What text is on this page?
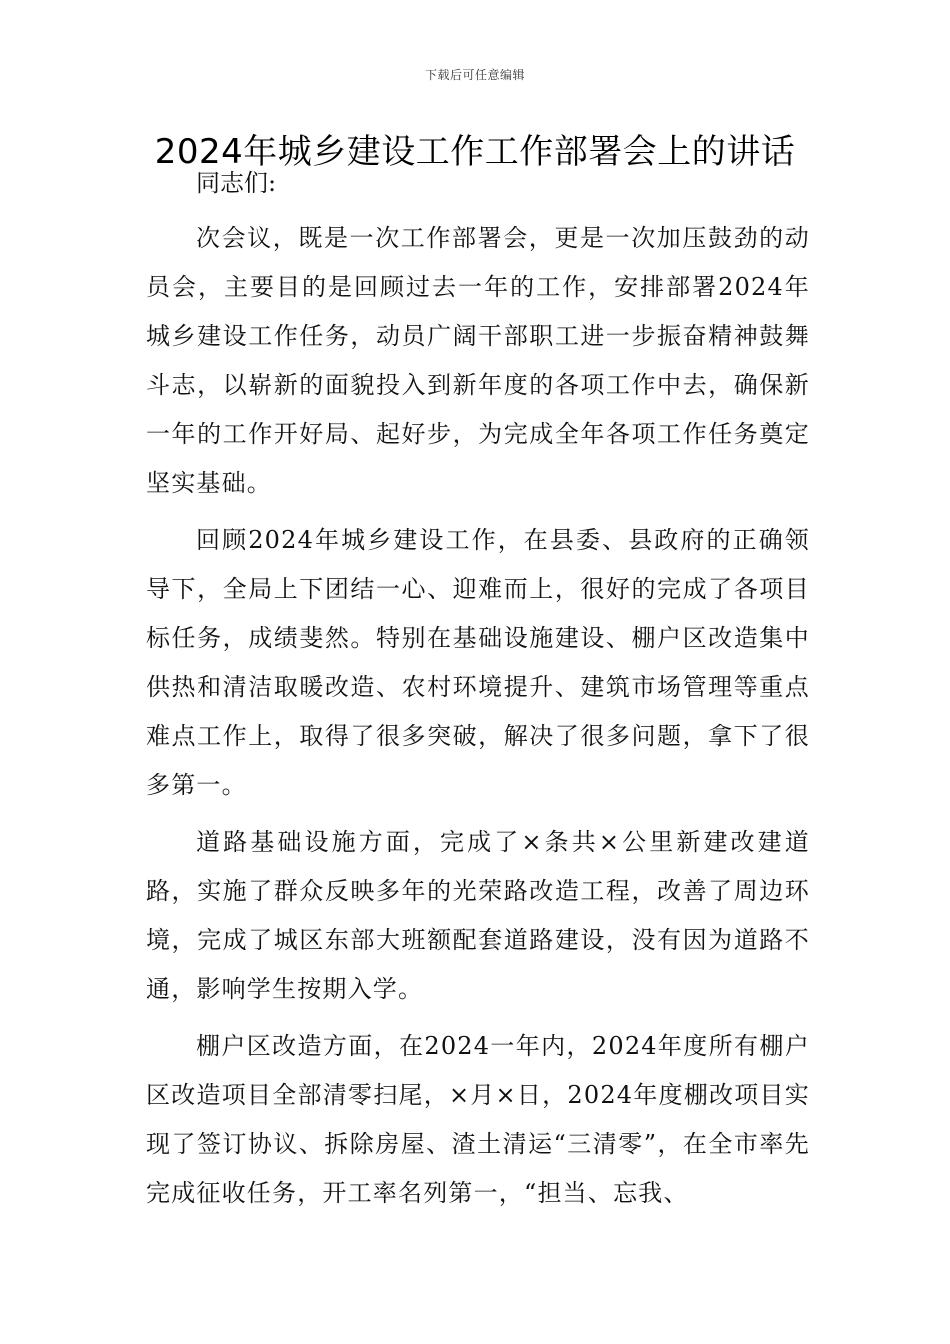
下载后可任意编辑
2024年城乡建设工作工作部署会上的讲话

同志们:

次会议，既是一次工作部署会，更是一次加压鼓劲的动员会，主要目的是回顾过去一年的工作，安排部署2024年城乡建设工作任务，动员广阔干部职工进一步振奋精神鼓舞斗志，以崭新的面貌投入到新年度的各项工作中去，确保新一年的工作开好局、起好步，为完成全年各项工作任务奠定坚实基础。

回顾2024年城乡建设工作，在县委、县政府的正确领导下，全局上下团结一心、迎难而上，很好的完成了各项目标任务，成绩斐然。特别在基础设施建设、棚户区改造集中供热和清洁取暖改造、农村环境提升、建筑市场管理等重点难点工作上，取得了很多突破，解决了很多问题，拿下了很多第一。

道路基础设施方面，完成了×条共×公里新建改建道路，实施了群众反映多年的光荣路改造工程，改善了周边环境，完成了城区东部大班额配套道路建设，没有因为道路不通，影响学生按期入学。

棚户区改造方面，在2024一年内，2024年度所有棚户区改造项目全部清零扫尾，×月×日，2024年度棚改项目实现了签订协议、拆除房屋、渣土清运“三清零”，在全市率先完成征收任务，开工率名列第一，“担当、忘我、
